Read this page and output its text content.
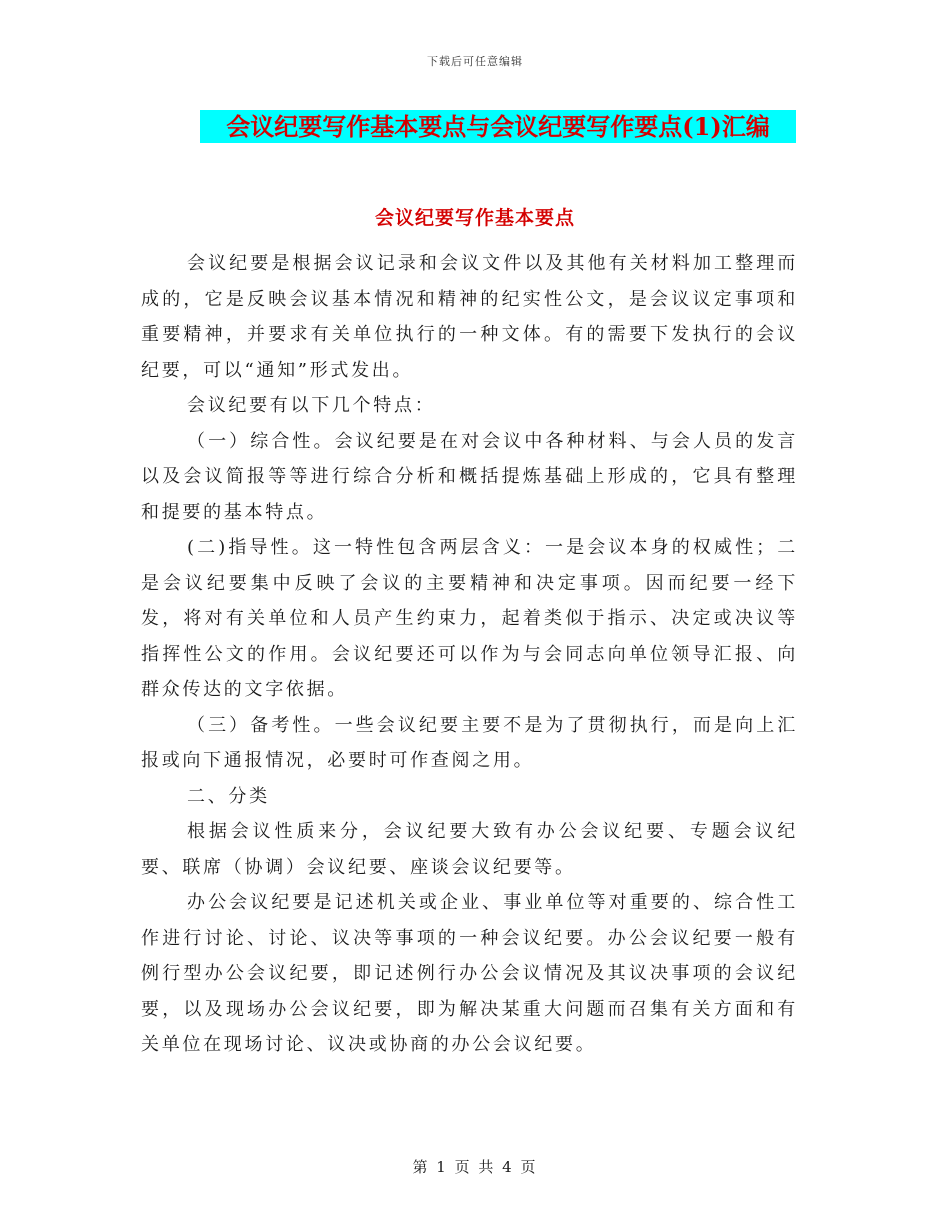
下载后可任意编辑
会议纪要写作基本要点与会议纪要写作要点(1)汇编
会议纪要写作基本要点

会议纪要是根据会议记录和会议文件以及其他有关材料加工整理而成的，它是反映会议基本情况和精神的纪实性公文，是会议议定事项和重要精神，并要求有关单位执行的一种文体。有的需要下发执行的会议纪要，可以“通知”形式发出。

会议纪要有以下几个特点：

（一）综合性。会议纪要是在对会议中各种材料、与会人员的发言以及会议简报等等进行综合分析和概括提炼基础上形成的，它具有整理和提要的基本特点。

(二)指导性。这一特性包含两层含义：一是会议本身的权威性；二是会议纪要集中反映了会议的主要精神和决定事项。因而纪要一经下发，将对有关单位和人员产生约束力，起着类似于指示、决定或决议等指挥性公文的作用。会议纪要还可以作为与会同志向单位领导汇报、向群众传达的文字依据。

（三）备考性。一些会议纪要主要不是为了贯彻执行，而是向上汇报或向下通报情况，必要时可作查阅之用。

二、分类

根据会议性质来分，会议纪要大致有办公会议纪要、专题会议纪要、联席（协调）会议纪要、座谈会议纪要等。

办公会议纪要是记述机关或企业、事业单位等对重要的、综合性工作进行讨论、讨论、议决等事项的一种会议纪要。办公会议纪要一般有例行型办公会议纪要，即记述例行办公会议情况及其议决事项的会议纪要，以及现场办公会议纪要，即为解决某重大问题而召集有关方面和有关单位在现场讨论、议决或协商的办公会议纪要。

第 1 页 共 4 页
